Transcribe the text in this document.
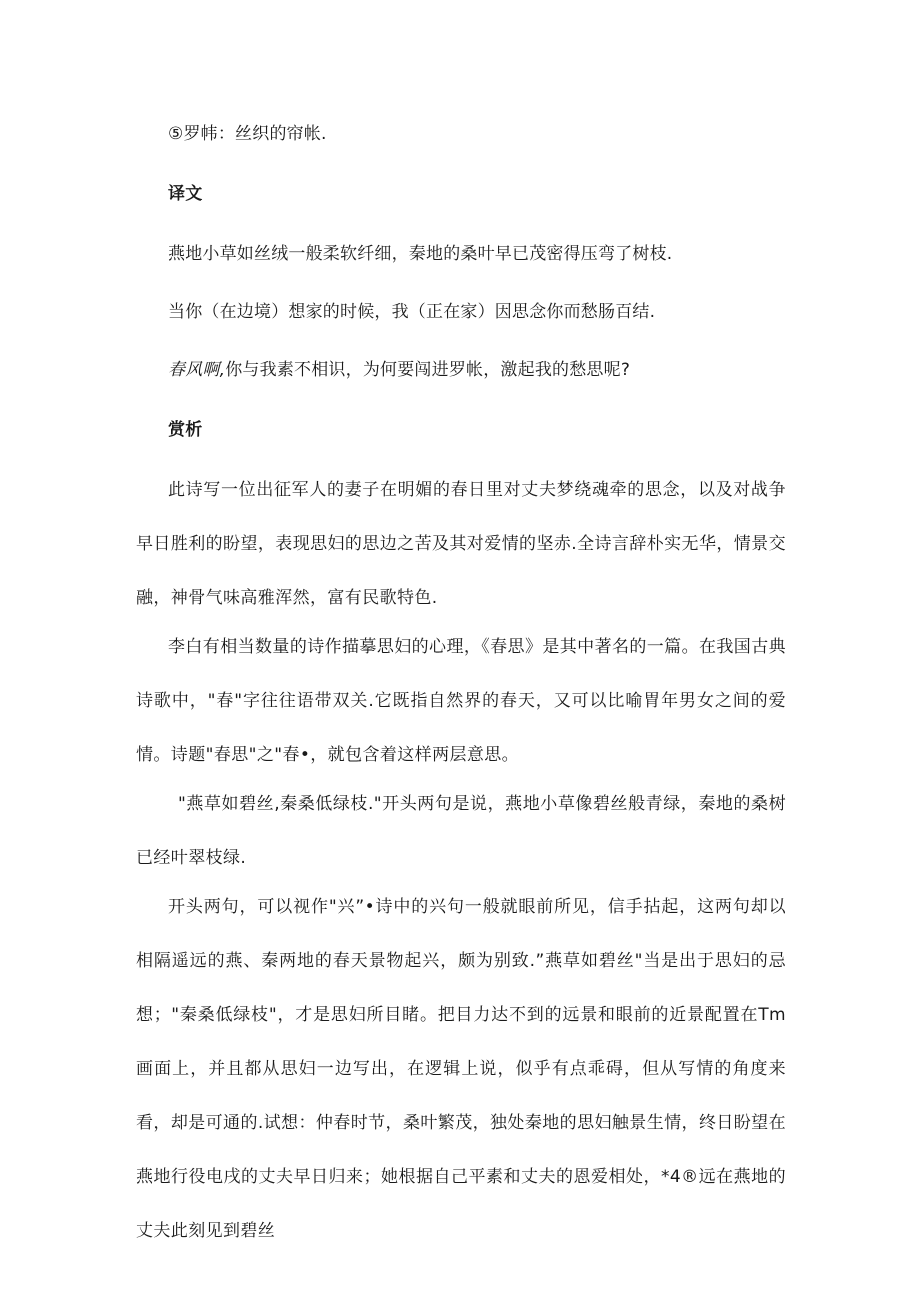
⑤罗帏：丝织的帘帐.
译文
燕地小草如丝绒一般柔软纤细，秦地的桑叶早已茂密得压弯了树枝.
当你（在边境）想家的时候，我（正在家）因思念你而愁肠百结.
春风啊,你与我素不相识，为何要闯进罗帐，激起我的愁思呢?
赏析
此诗写一位出征军人的妻子在明媚的春日里对丈夫梦绕魂牵的思念，以及对战争早日胜利的盼望，表现思妇的思边之苦及其对爱情的坚赤.全诗言辞朴实无华，情景交融，神骨气味高雅浑然，富有民歌特色.
李白有相当数量的诗作描摹思妇的心理，《春思》是其中著名的一篇。在我国古典诗歌中，"春"字往往语带双关.它既指自然界的春天，又可以比喻胃年男女之间的爱情。诗题"春思"之"春•，就包含着这样两层意思。
"燕草如碧丝,秦桑低绿枝."开头两句是说，燕地小草像碧丝般青绿，秦地的桑树已经叶翠枝绿.
开头两句，可以视作"兴”•诗中的兴句一般就眼前所见，信手拈起，这两句却以相隔遥远的燕、秦两地的春天景物起兴，颇为别致.”燕草如碧丝"当是出于思妇的忌想；"秦桑低绿枝"，才是思妇所目睹。把目力达不到的远景和眼前的近景配置在Tm画面上，并且都从思妇一边写出，在逻辑上说，似乎有点乖碍，但从写情的角度来看，却是可通的.试想：仲春时节，桑叶繁茂，独处秦地的思妇触景生情，终日盼望在燕地行役电戌的丈夫早日归来；她根据自己平素和丈夫的恩爱相处，*4®远在燕地的丈夫此刻见到碧丝
